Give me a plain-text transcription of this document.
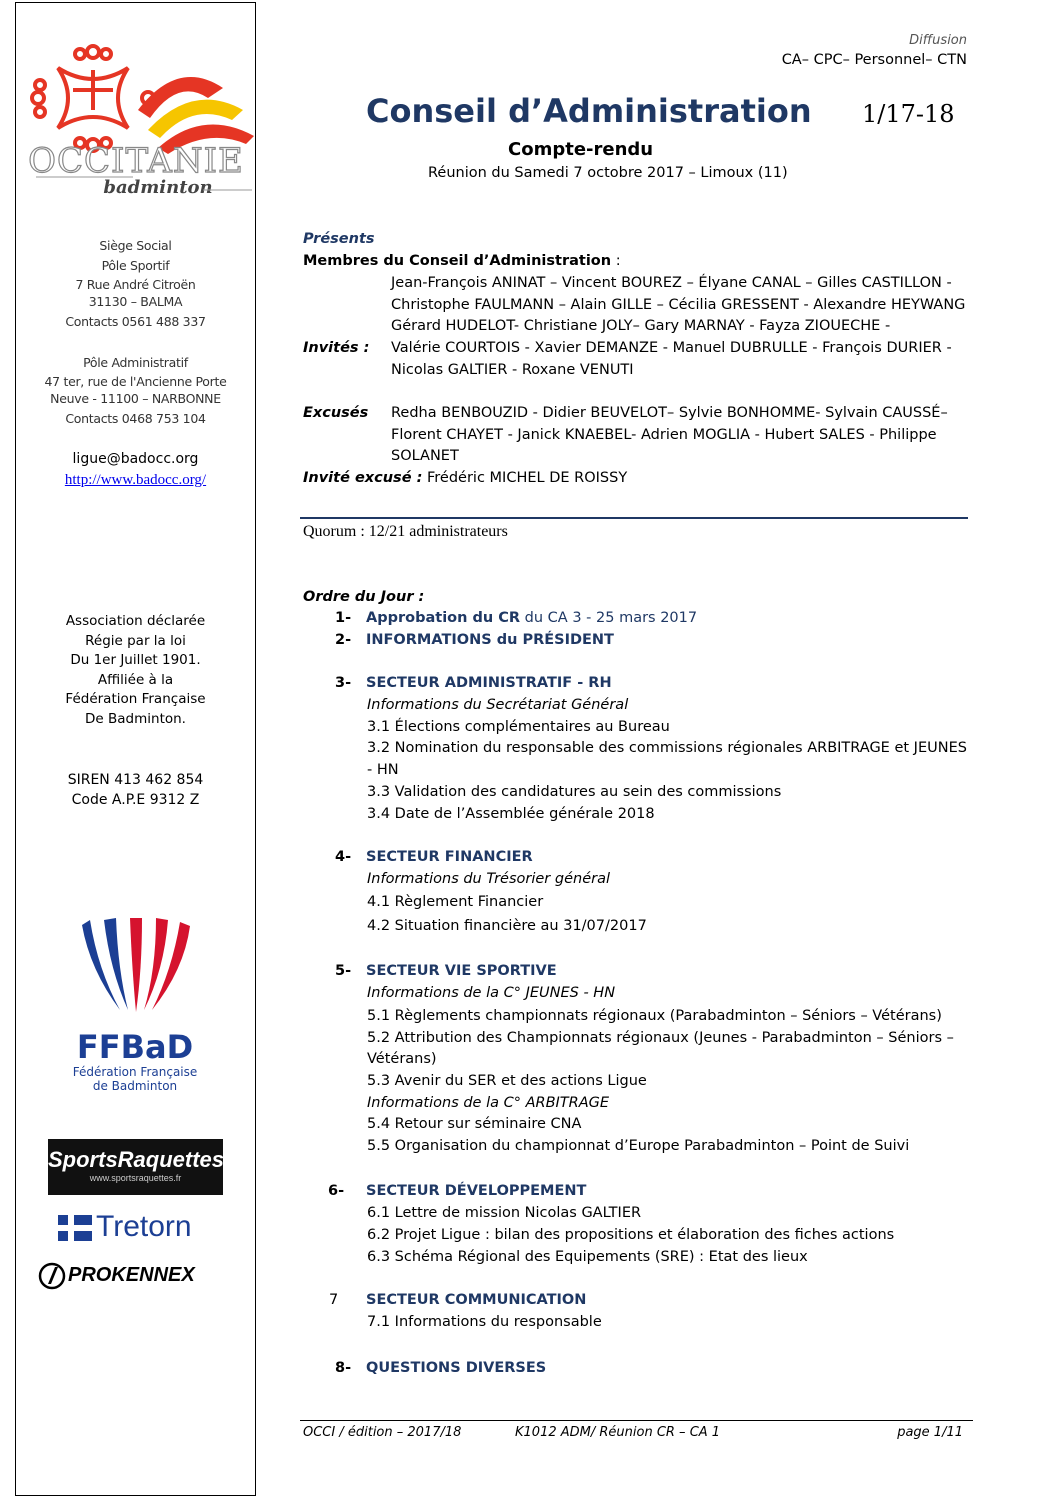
OCCITANIE
badminton
Siège Social
Pôle Sportif
7 Rue André Citroën
31130 – BALMA
Contacts 0561 488 337
Pôle Administratif
47 ter, rue de l'Ancienne Porte
Neuve - 11100 – NARBONNE
Contacts 0468 753 104
ligue@badocc.org
http://www.badocc.org/
Association déclarée
Régie par la loi
Du 1er Juillet 1901.
Affiliée à la
Fédération Française
De Badminton.
SIREN 413 462 854
Code A.P.E 9312 Z
FFBaD
Fédération Française
de Badminton
SportsRaquettes
www.sportsraquettes.fr
Tretorn
PROKENNEX
Diffusion
CA– CPC– Personnel– CTN
Conseil d’Administration 1/17-18
Compte-rendu
Réunion du Samedi 7 octobre 2017 – Limoux (11)
Présents
Membres du Conseil d’Administration :
Jean-François ANINAT – Vincent BOUREZ – Élyane CANAL – Gilles CASTILLON -
Christophe FAULMANN – Alain GILLE – Cécilia GRESSENT - Alexandre HEYWANG
Gérard HUDELOT- Christiane JOLY– Gary MARNAY - Fayza ZIOUECHE -
Invités : Valérie COURTOIS - Xavier DEMANZE - Manuel DUBRULLE - François DURIER -
Nicolas GALTIER - Roxane VENUTI
Excusés Redha BENBOUZID - Didier BEUVELOT– Sylvie BONHOMME- Sylvain CAUSSÉ–
Florent CHAYET - Janick KNAEBEL- Adrien MOGLIA - Hubert SALES - Philippe
SOLANET
Invité excusé : Frédéric MICHEL DE ROISSY
Quorum : 12/21 administrateurs
Ordre du Jour :
1- Approbation du CR du CA 3 - 25 mars 2017
2- INFORMATIONS du PRÉSIDENT
3- SECTEUR ADMINISTRATIF - RH
Informations du Secrétariat Général
3.1 Élections complémentaires au Bureau
3.2 Nomination du responsable des commissions régionales ARBITRAGE et JEUNES
- HN
3.3 Validation des candidatures au sein des commissions
3.4 Date de l’Assemblée générale 2018
4- SECTEUR FINANCIER
Informations du Trésorier général
4.1 Règlement Financier
4.2 Situation financière au 31/07/2017
5- SECTEUR VIE SPORTIVE
Informations de la C° JEUNES - HN
5.1 Règlements championnats régionaux (Parabadminton – Séniors – Vétérans)
5.2 Attribution des Championnats régionaux (Jeunes - Parabadminton – Séniors –
Vétérans)
5.3 Avenir du SER et des actions Ligue
Informations de la C° ARBITRAGE
5.4 Retour sur séminaire CNA
5.5 Organisation du championnat d’Europe Parabadminton – Point de Suivi
6- SECTEUR DÉVELOPPEMENT
6.1 Lettre de mission Nicolas GALTIER
6.2 Projet Ligue : bilan des propositions et élaboration des fiches actions
6.3 Schéma Régional des Equipements (SRE) : Etat des lieux
7 SECTEUR COMMUNICATION
7.1 Informations du responsable
8- QUESTIONS DIVERSES
OCCI / édition – 2017/18	K1012 ADM/ Réunion CR – CA 1	page 1/11
